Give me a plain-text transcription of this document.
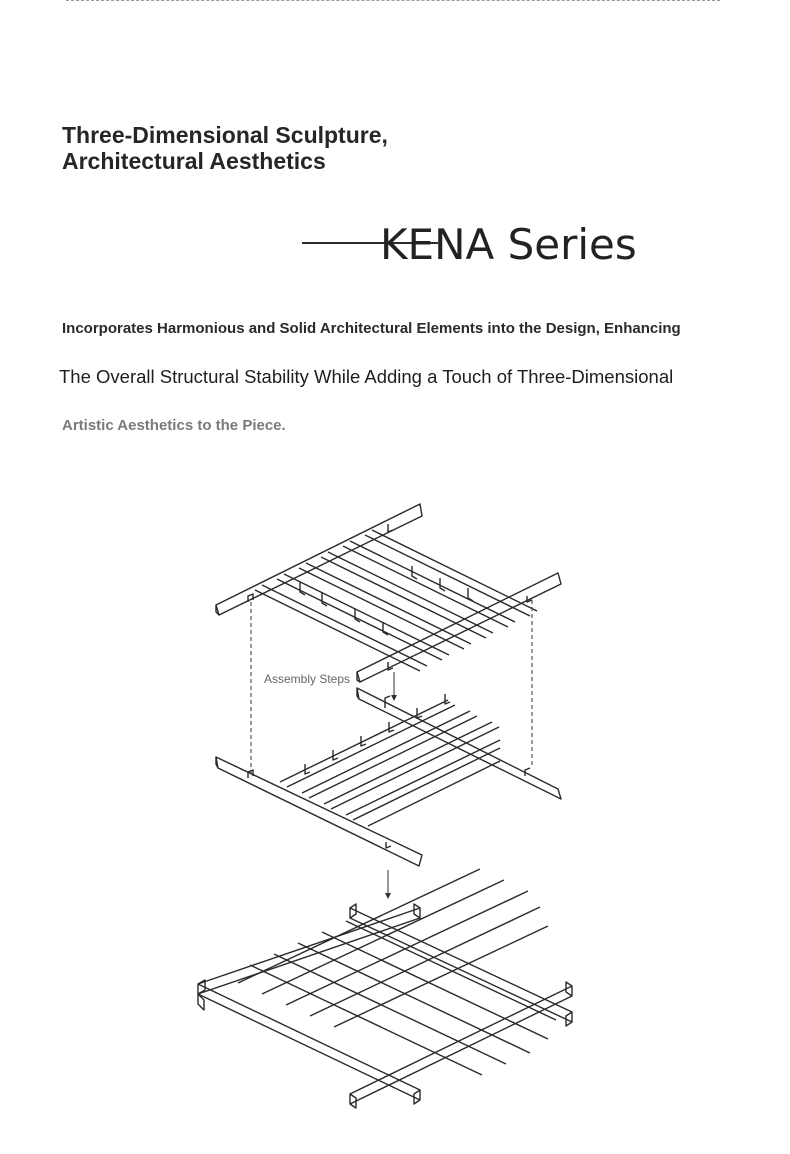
Three-Dimensional Sculpture,
Architectural Aesthetics
KENA Series

Incorporates Harmonious and Solid Architectural Elements into the Design, Enhancing

The Overall Structural Stability While Adding a Touch of Three-Dimensional

Artistic Aesthetics to the Piece.

Assembly Steps
